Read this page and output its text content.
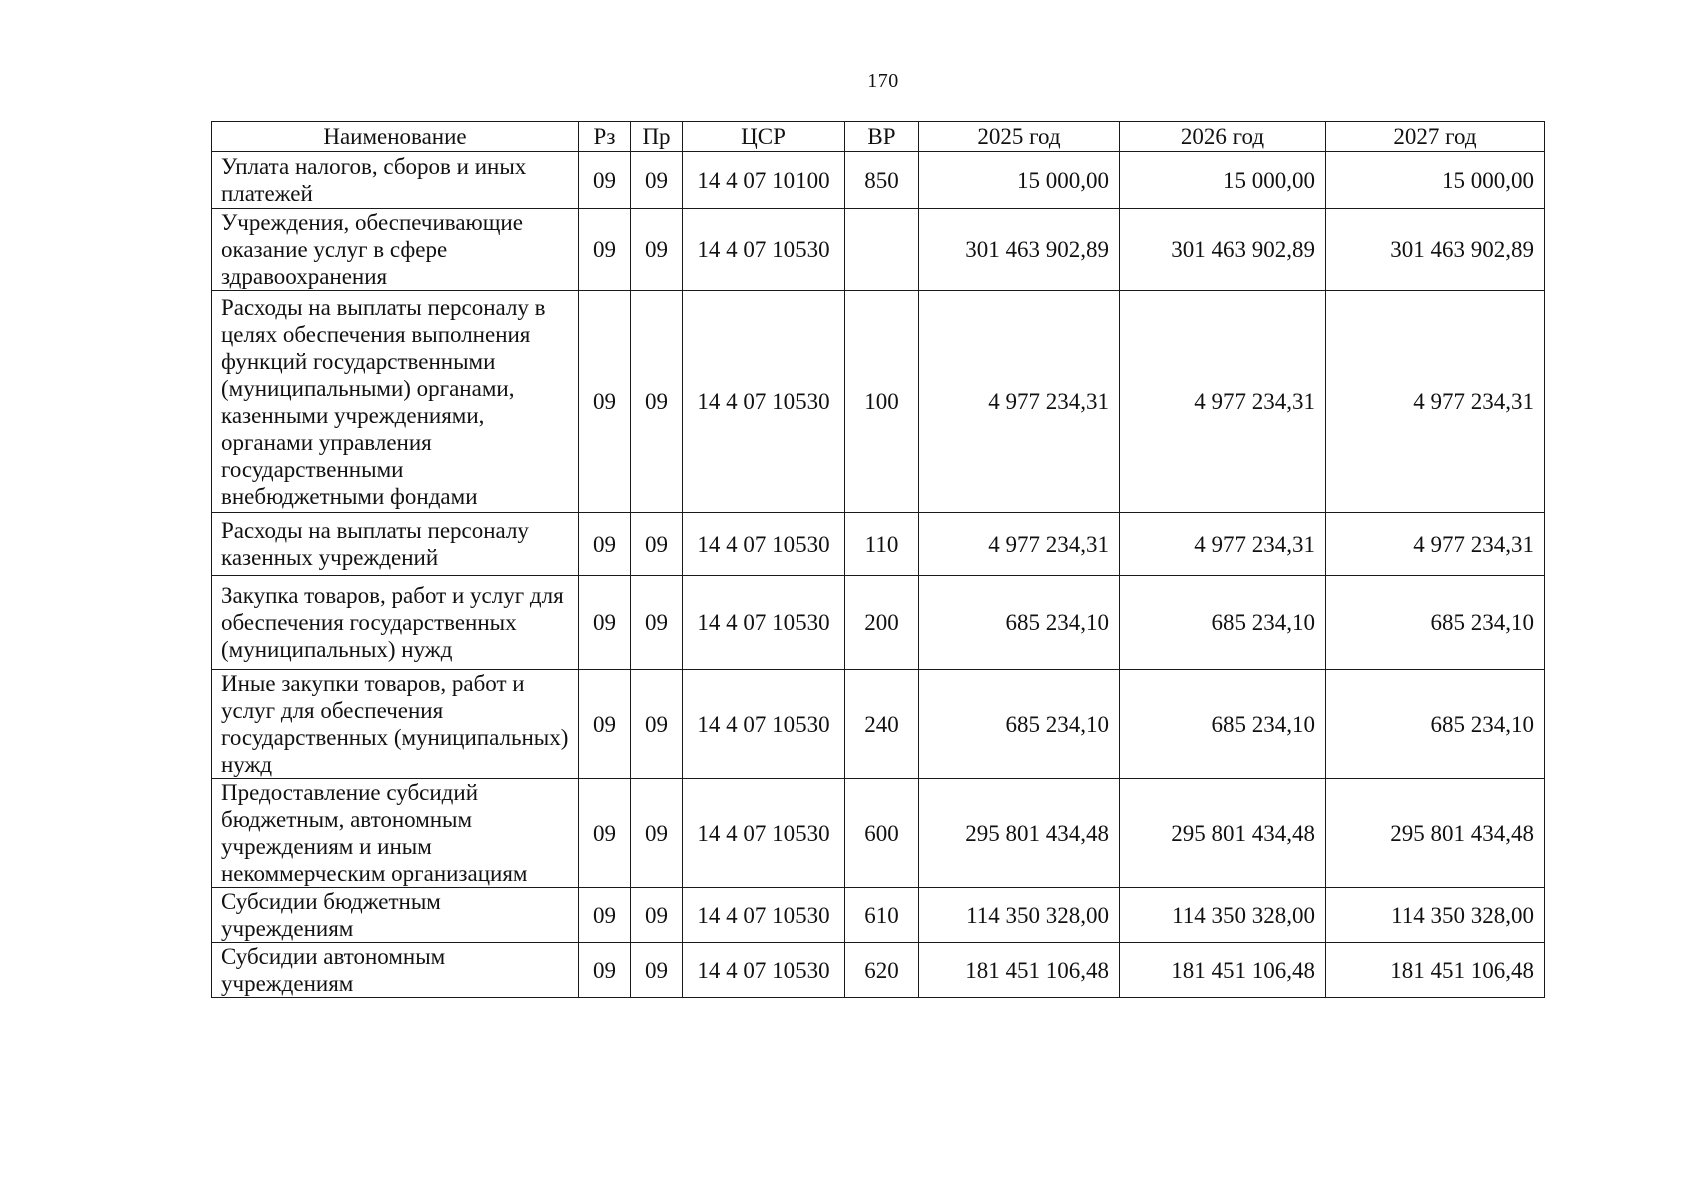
170
Наименование	Рз	Пр	ЦСР	ВР	2025 год	2026 год	2027 год
Уплата налогов, сборов и иных платежей	09	09	14 4 07 10100	850	15 000,00	15 000,00	15 000,00
Учреждения, обеспечивающие оказание услуг в сфере здравоохранения	09	09	14 4 07 10530		301 463 902,89	301 463 902,89	301 463 902,89
Расходы на выплаты персоналу в целях обеспечения выполнения функций государственными (муниципальными) органами, казенными учреждениями, органами управления государственными внебюджетными фондами	09	09	14 4 07 10530	100	4 977 234,31	4 977 234,31	4 977 234,31
Расходы на выплаты персоналу казенных учреждений	09	09	14 4 07 10530	110	4 977 234,31	4 977 234,31	4 977 234,31
Закупка товаров, работ и услуг для обеспечения государственных (муниципальных) нужд	09	09	14 4 07 10530	200	685 234,10	685 234,10	685 234,10
Иные закупки товаров, работ и услуг для обеспечения государственных (муниципальных) нужд	09	09	14 4 07 10530	240	685 234,10	685 234,10	685 234,10
Предоставление субсидий бюджетным, автономным учреждениям и иным некоммерческим организациям	09	09	14 4 07 10530	600	295 801 434,48	295 801 434,48	295 801 434,48
Субсидии бюджетным учреждениям	09	09	14 4 07 10530	610	114 350 328,00	114 350 328,00	114 350 328,00
Субсидии автономным учреждениям	09	09	14 4 07 10530	620	181 451 106,48	181 451 106,48	181 451 106,48
